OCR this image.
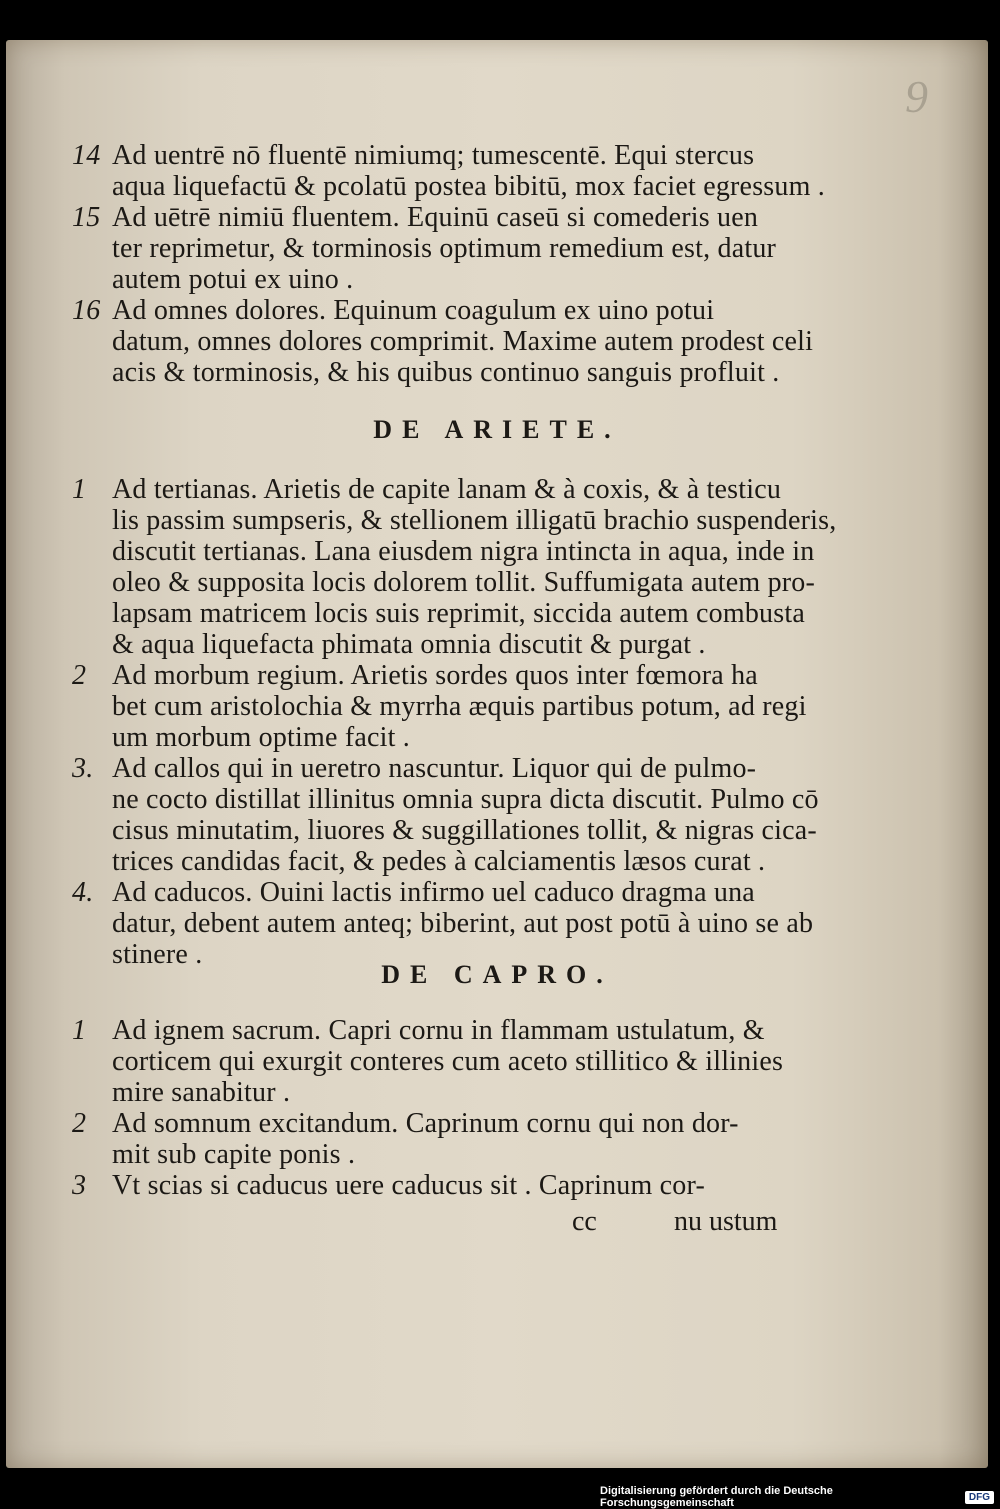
9
14 Ad uentrē nō fluentē nimiumq; tumescentē. Equi stercus
aqua liquefactū & pcolatū postea bibitū, mox faciet egressum .
15 Ad uētrē nimiū fluentem. Equinū caseū si comederis uen
ter reprimetur, & torminosis optimum remedium est, datur
autem potui ex uino .
16 Ad omnes dolores. Equinum coagulum ex uino potui
datum, omnes dolores comprimit. Maxime autem prodest celi
acis & torminosis, & his quibus continuo sanguis profluit .
DE ARIETE.
1 Ad tertianas. Arietis de capite lanam & à coxis, & à testicu
lis passim sumpseris, & stellionem illigatū brachio suspenderis,
discutit tertianas. Lana eiusdem nigra intincta in aqua, inde in
oleo & supposita locis dolorem tollit. Suffumigata autem pro-
lapsam matricem locis suis reprimit, siccida autem combusta
& aqua liquefacta phimata omnia discutit & purgat .
2 Ad morbum regium. Arietis sordes quos inter fœmora ha
bet cum aristolochia & myrrha æquis partibus potum, ad regi
um morbum optime facit .
3. Ad callos qui in uеretro nascuntur. Liquor qui de pulmo-
ne cocto distillat illinitus omnia supra dicta discutit. Pulmo cō
cisus minutatim, liuores & suggillationes tollit, & nigras cica-
trices candidas facit, & pedes à calciamentis læsos curat .
4. Ad caducos. Ouini lactis infirmo uel caduco dragma una
datur, debent autem anteq; biberint, aut post potū à uino se ab
stinere .
DE CAPRO.
1 Ad ignem sacrum. Capri cornu in flammam ustulatum, &
corticem qui exurgit conteres cum aceto stillitico & illinies
mire sanabitur .
2 Ad somnum excitandum. Caprinum cornu qui non dor-
mit sub capite ponis .
3 Vt scias si caducus uere caducus sit . Caprinum cor-
cc	nu ustum
Digitalisierung gefördert durch die Deutsche Forschungsgemeinschaft	DFG
